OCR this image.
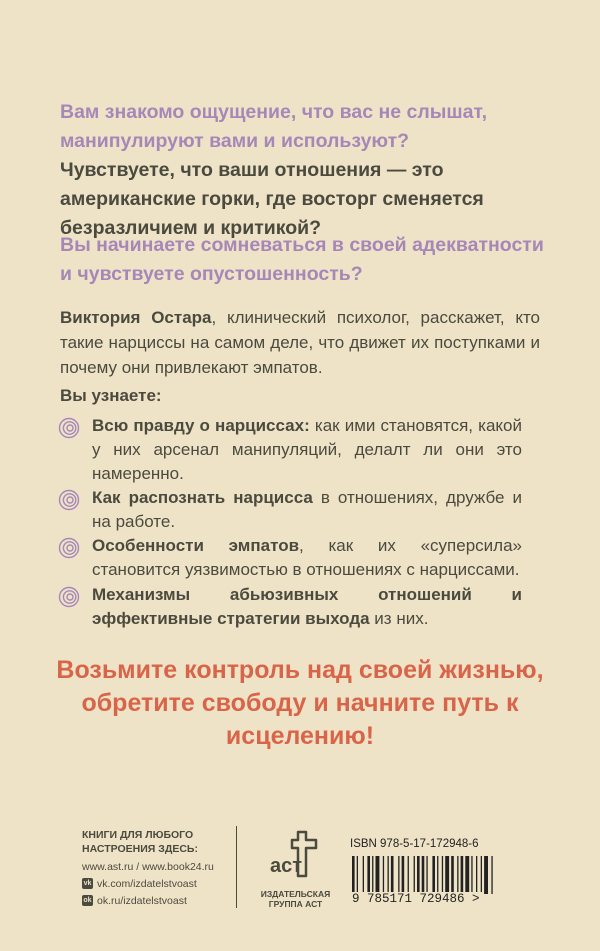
Вам знакомо ощущение, что вас не слышат, манипулируют вами и используют?
Чувствуете, что ваши отношения — это американские горки, где восторг сменяется безразличием и критикой?
Вы начинаете сомневаться в своей адекватности и чувствуете опустошенность?
Виктория Остара, клинический психолог, расскажет, кто такие нарциссы на самом деле, что движет их поступками и почему они привлекают эмпатов.
Вы узнаете:
Всю правду о нарциссах: как ими становятся, какой у них арсенал манипуляций, делалт ли они это намеренно.
Как распознать нарцисса в отношениях, дружбе и на работе.
Особенности эмпатов, как их «суперсила» становится уязвимостью в отношениях с нарциссами.
Механизмы абьюзивных отношений и эффективные стратегии выхода из них.
Возьмите контроль над своей жизнью, обретите свободу и начните путь к исцелению!
КНИГИ ДЛЯ ЛЮБОГО
НАСТРОЕНИЯ ЗДЕСЬ:
www.ast.ru / www.book24.ru
vk vk.com/izdatelstvoast
ok ok.ru/izdatelstvoast
аст
ИЗДАТЕЛЬСКАЯ
ГРУППА АСТ
ISBN 978-5-17-172948-6
9 785171 729486 >
